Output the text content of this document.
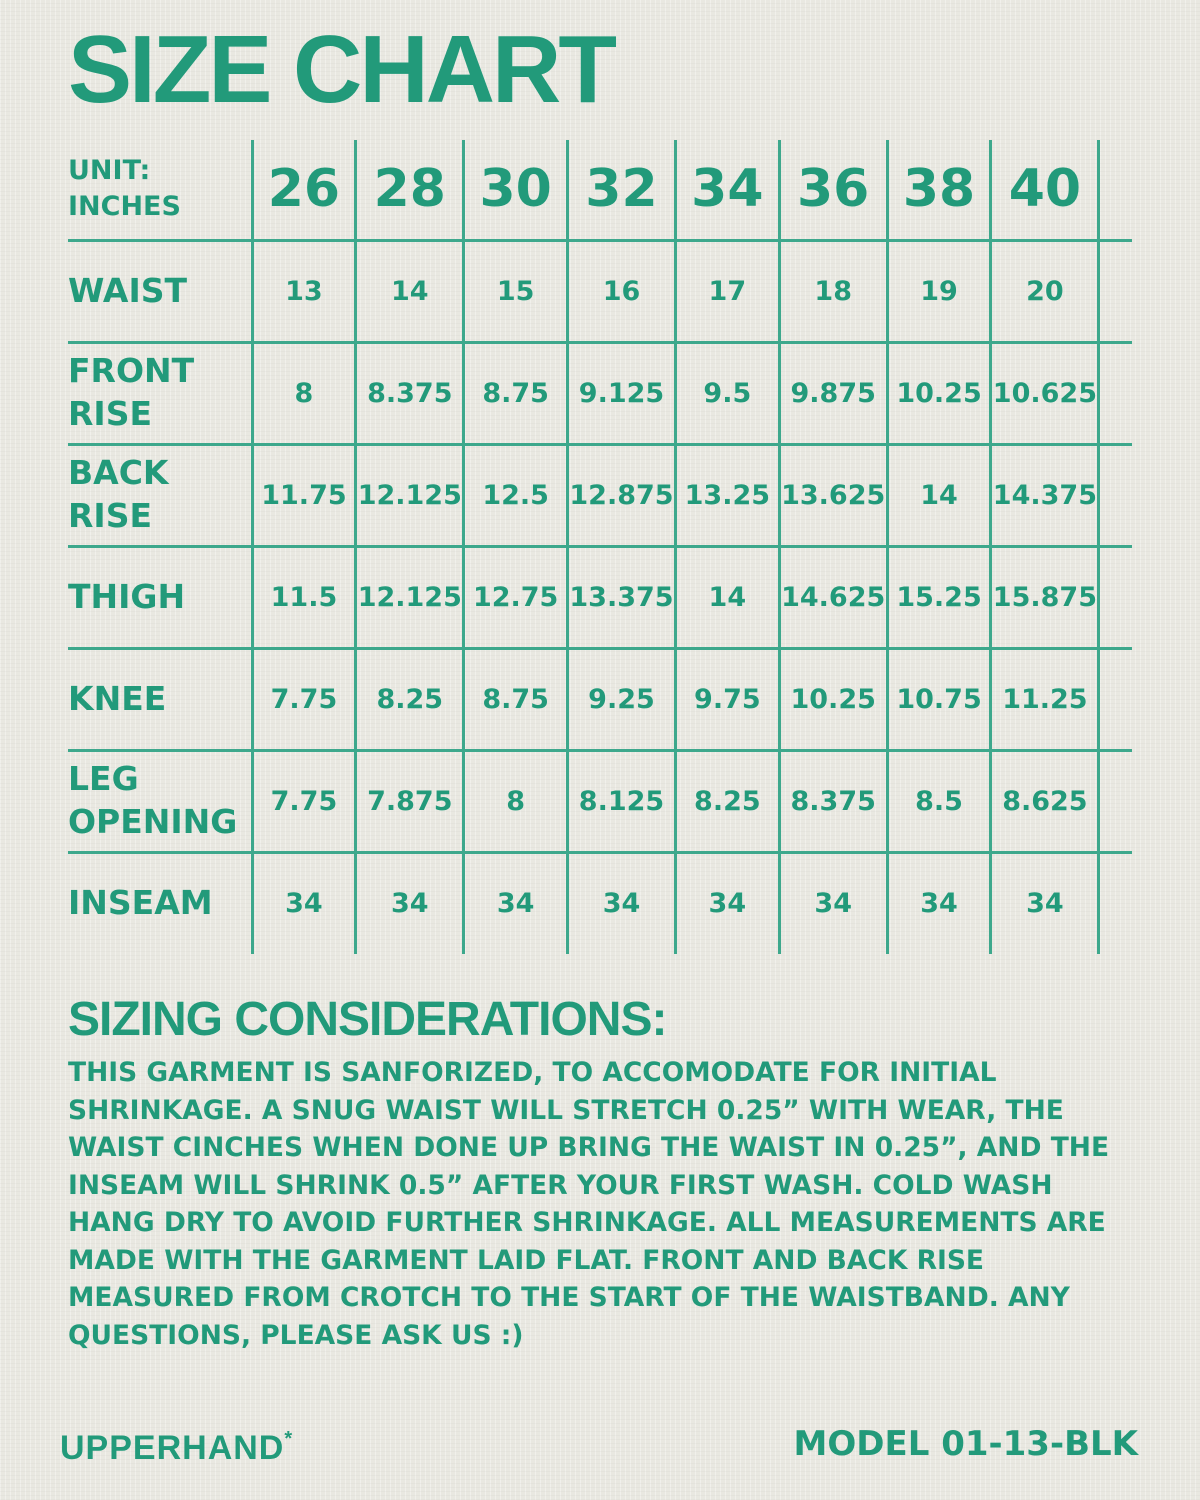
SIZE CHART
UNIT:
INCHES	26	28	30	32	34	36	38	40	

WAIST	13	14	15	16	17	18	19	20	

FRONT
RISE	8	8.375	8.75	9.125	9.5	9.875	10.25	10.625	

BACK
RISE	11.75	12.125	12.5	12.875	13.25	13.625	14	14.375	

THIGH	11.5	12.125	12.75	13.375	14	14.625	15.25	15.875	

KNEE	7.75	8.25	8.75	9.25	9.75	10.25	10.75	11.25	

LEG
OPENING	7.75	7.875	8	8.125	8.25	8.375	8.5	8.625	

INSEAM	34	34	34	34	34	34	34	34	
SIZING CONSIDERATIONS:
THIS GARMENT IS SANFORIZED, TO ACCOMODATE FOR INITIAL SHRINKAGE. A SNUG WAIST WILL STRETCH 0.25” WITH WEAR, THE WAIST CINCHES WHEN DONE UP BRING THE WAIST IN 0.25”, AND THE INSEAM WILL SHRINK 0.5” AFTER YOUR FIRST WASH. COLD WASH HANG DRY TO AVOID FURTHER SHRINKAGE. ALL MEASUREMENTS ARE MADE WITH THE GARMENT LAID FLAT. FRONT AND BACK RISE MEASURED FROM CROTCH TO THE START OF THE WAISTBAND. ANY QUESTIONS, PLEASE ASK US :)
UPPERHAND*	MODEL 01-13-BLK
